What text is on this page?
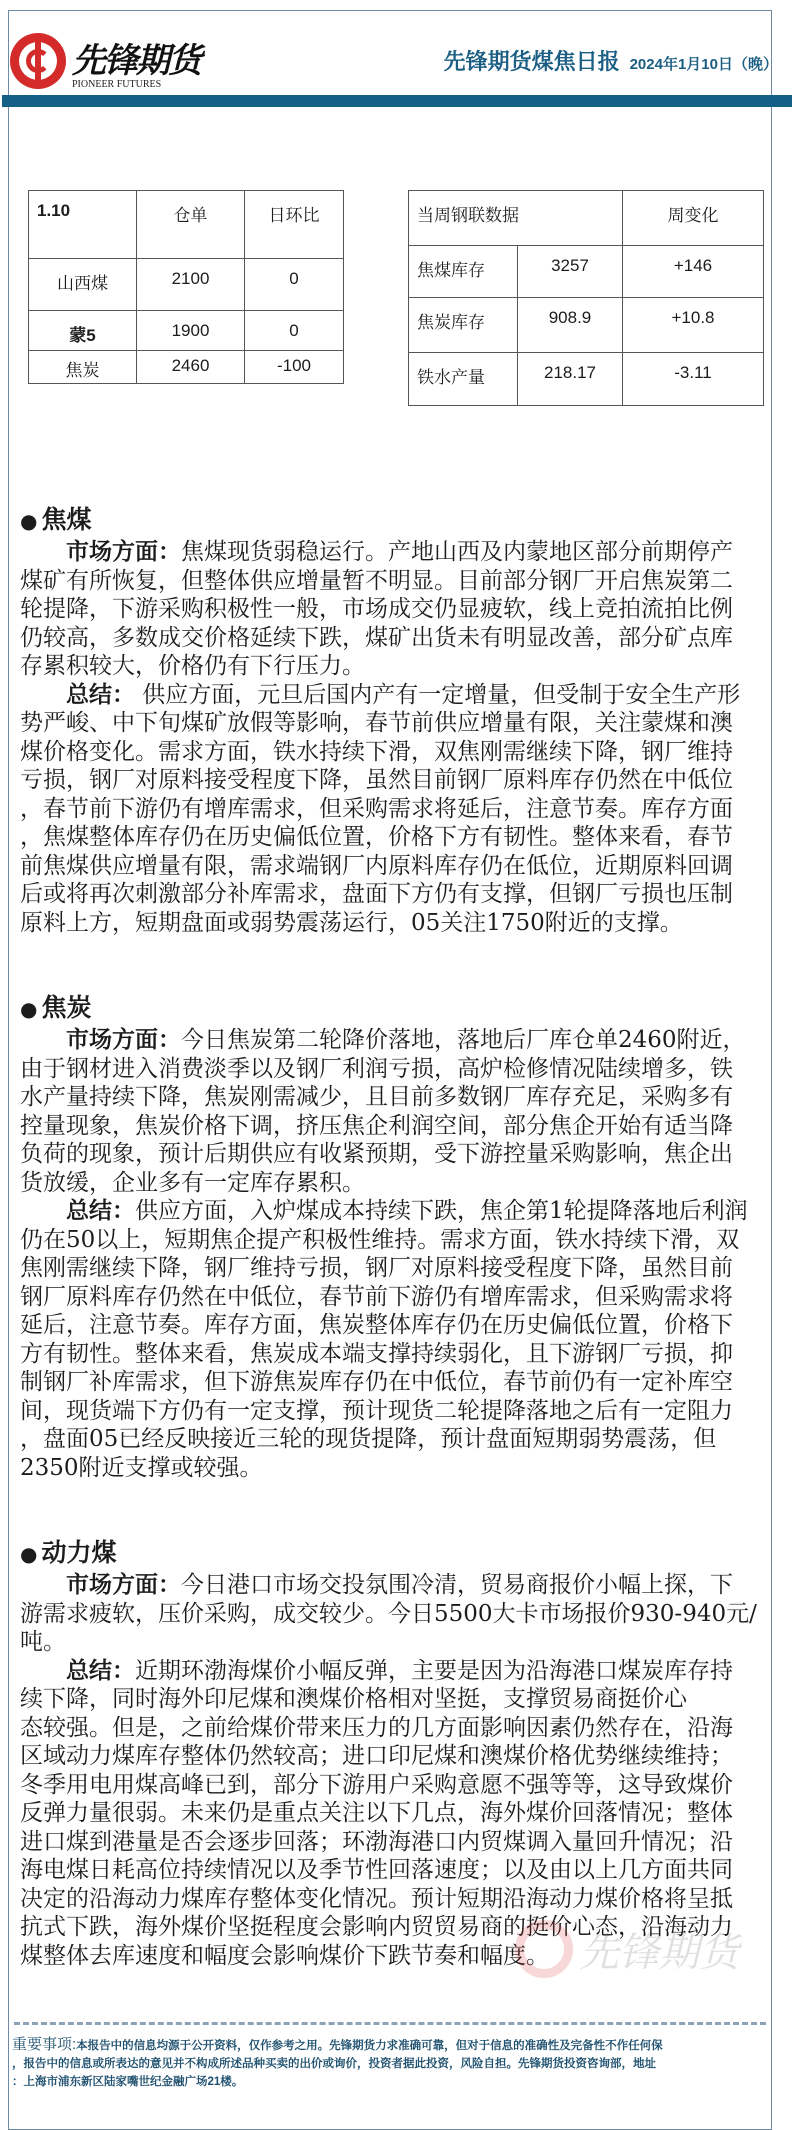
先锋期货
PIONEER FUTURES
先锋期货煤焦日报 2024年1月10日（晚）
1.10	仓单	日环比
山西煤	2100	0
蒙5	1900	0
焦炭	2460	-100
当周钢联数据		周变化
焦煤库存	3257	+146
焦炭库存	908.9	+10.8
铁水产量	218.17	-3.11
● 焦煤
市场方面：焦煤现货弱稳运行。产地山西及内蒙地区部分前期停产
煤矿有所恢复，但整体供应增量暂不明显。目前部分钢厂开启焦炭第二
轮提降，下游采购积极性一般，市场成交仍显疲软，线上竞拍流拍比例
仍较高，多数成交价格延续下跌，煤矿出货未有明显改善，部分矿点库
存累积较大，价格仍有下行压力。
总结： 供应方面，元旦后国内产有一定增量，但受制于安全生产形
势严峻、中下旬煤矿放假等影响，春节前供应增量有限，关注蒙煤和澳
煤价格变化。需求方面，铁水持续下滑，双焦刚需继续下降，钢厂维持
亏损，钢厂对原料接受程度下降，虽然目前钢厂原料库存仍然在中低位
，春节前下游仍有增库需求，但采购需求将延后，注意节奏。库存方面
，焦煤整体库存仍在历史偏低位置，价格下方有韧性。整体来看，春节
前焦煤供应增量有限，需求端钢厂内原料库存仍在低位，近期原料回调
后或将再次刺激部分补库需求，盘面下方仍有支撑，但钢厂亏损也压制
原料上方，短期盘面或弱势震荡运行，05关注1750附近的支撑。
● 焦炭
市场方面：今日焦炭第二轮降价落地，落地后厂库仓单2460附近，
由于钢材进入消费淡季以及钢厂利润亏损，高炉检修情况陆续增多，铁
水产量持续下降，焦炭刚需减少，且目前多数钢厂库存充足，采购多有
控量现象，焦炭价格下调，挤压焦企利润空间，部分焦企开始有适当降
负荷的现象，预计后期供应有收紧预期，受下游控量采购影响，焦企出
货放缓，企业多有一定库存累积。
总结：供应方面，入炉煤成本持续下跌，焦企第1轮提降落地后利润
仍在50以上，短期焦企提产积极性维持。需求方面，铁水持续下滑，双
焦刚需继续下降，钢厂维持亏损，钢厂对原料接受程度下降，虽然目前
钢厂原料库存仍然在中低位，春节前下游仍有增库需求，但采购需求将
延后，注意节奏。库存方面，焦炭整体库存仍在历史偏低位置，价格下
方有韧性。整体来看，焦炭成本端支撑持续弱化，且下游钢厂亏损，抑
制钢厂补库需求，但下游焦炭库存仍在中低位，春节前仍有一定补库空
间，现货端下方仍有一定支撑，预计现货二轮提降落地之后有一定阻力
，盘面05已经反映接近三轮的现货提降，预计盘面短期弱势震荡，但
2350附近支撑或较强。
● 动力煤
市场方面：今日港口市场交投氛围冷清，贸易商报价小幅上探，下
游需求疲软，压价采购，成交较少。今日5500大卡市场报价930-940元/
吨。
总结：近期环渤海煤价小幅反弹，主要是因为沿海港口煤炭库存持
续下降，同时海外印尼煤和澳煤价格相对坚挺，支撑贸易商挺价心
态较强。但是，之前给煤价带来压力的几方面影响因素仍然存在，沿海
区域动力煤库存整体仍然较高；进口印尼煤和澳煤价格优势继续维持；
冬季用电用煤高峰已到，部分下游用户采购意愿不强等等，这导致煤价
反弹力量很弱。未来仍是重点关注以下几点，海外煤价回落情况；整体
进口煤到港量是否会逐步回落；环渤海港口内贸煤调入量回升情况；沿
海电煤日耗高位持续情况以及季节性回落速度；以及由以上几方面共同
决定的沿海动力煤库存整体变化情况。预计短期沿海动力煤价格将呈抵
抗式下跌，海外煤价坚挺程度会影响内贸贸易商的挺价心态，沿海动力
煤整体去库速度和幅度会影响煤价下跌节奏和幅度。 先锋期货
重要事项:本报告中的信息均源于公开资料，仅作参考之用。先锋期货力求准确可靠，但对于信息的准确性及完备性不作任何保
，报告中的信息或所表达的意见并不构成所述品种买卖的出价或询价，投资者据此投资，风险自担。先锋期货投资咨询部，地址
：上海市浦东新区陆家嘴世纪金融广场21楼。
